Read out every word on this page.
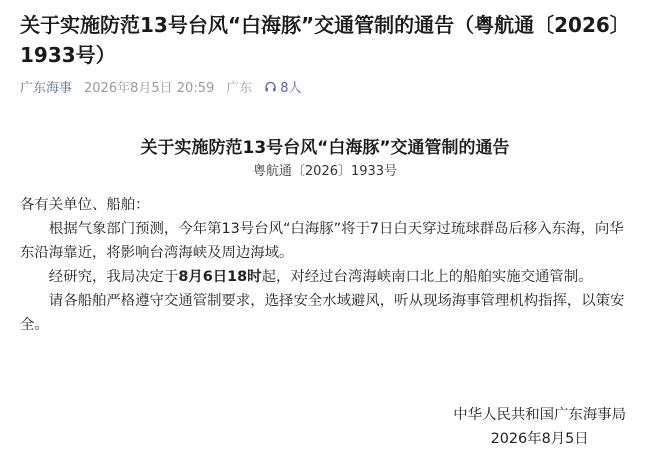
关于实施防范13号台风“白海豚”交通管制的通告（粤航通〔2026〕1933号）
广东海事 2026年8月5日 20:59 广东 8人
关于实施防范13号台风“白海豚”交通管制的通告
粤航通〔2026〕1933号

各有关单位、船舶：

根据气象部门预测，今年第13号台风“白海豚”将于7日白天穿过琉球群岛后移入东海，向华东沿海靠近，将影响台湾海峡及周边海域。

经研究，我局决定于8月6日18时起，对经过台湾海峡南口北上的船舶实施交通管制。

请各船舶严格遵守交通管制要求，选择安全水域避风，听从现场海事管理机构指挥，以策安全。

中华人民共和国广东海事局
2026年8月5日
